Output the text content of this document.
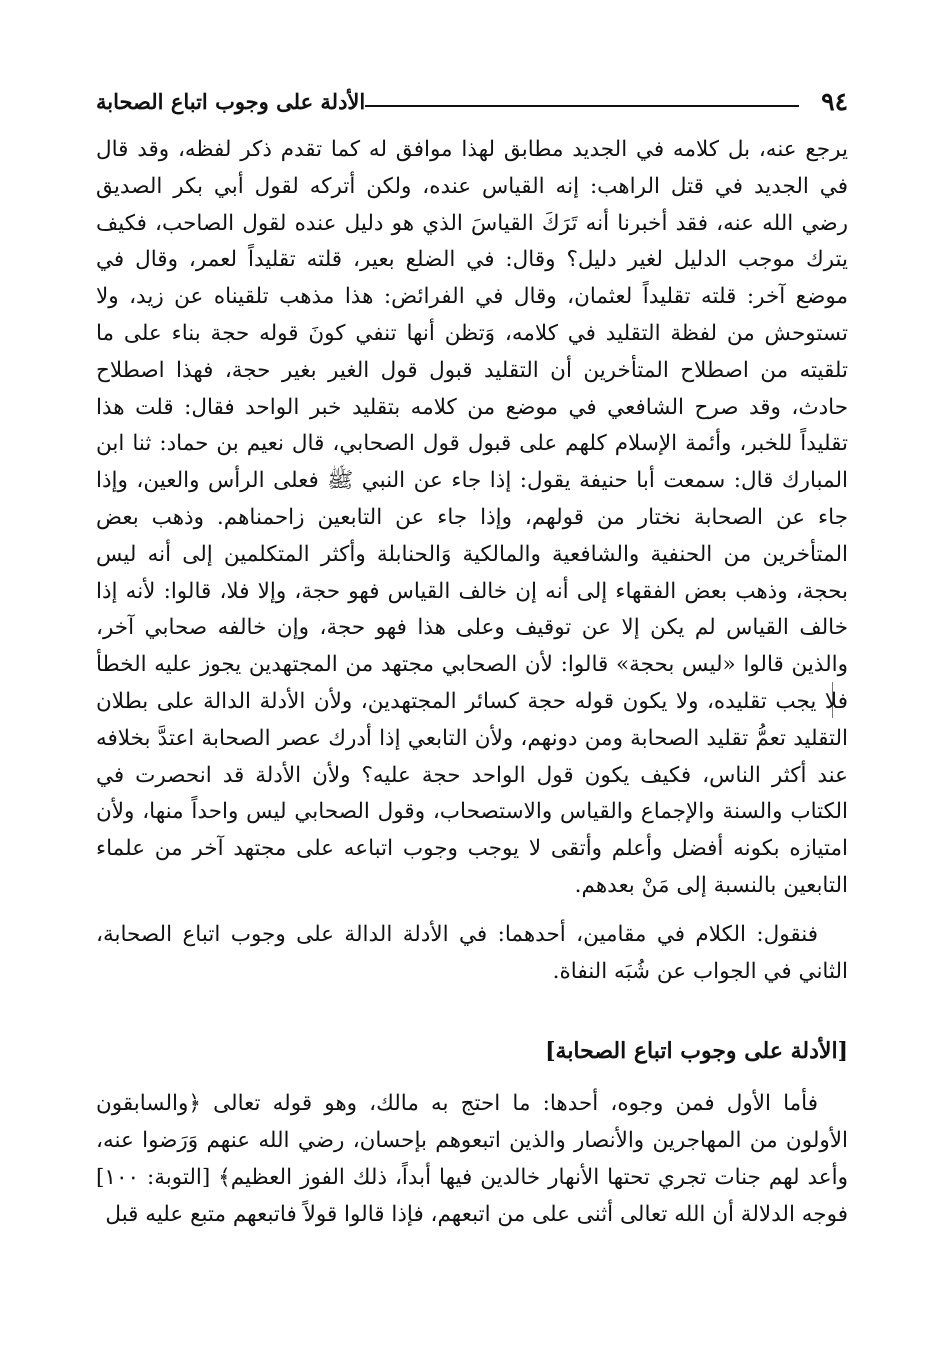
٩٤
الأدلة على وجوب اتباع الصحابة

يرجع عنه، بل كلامه في الجديد مطابق لهذا موافق له كما تقدم ذكر لفظه، وقد قال في الجديد في قتل الراهب: إنه القياس عنده، ولكن أتركه لقول أبي بكر الصديق رضي الله عنه، فقد أخبرنا أنه تَرَكَ القياسَ الذي هو دليل عنده لقول الصاحب، فكيف يترك موجب الدليل لغير دليل؟ وقال: في الضلع بعير، قلته تقليداً لعمر، وقال في موضع آخر: قلته تقليداً لعثمان، وقال في الفرائض: هذا مذهب تلقيناه عن زيد، ولا تستوحش من لفظة التقليد في كلامه، وَتظن أنها تنفي كونَ قوله حجة بناء على ما تلقيته من اصطلاح المتأخرين أن التقليد قبول قول الغير بغير حجة، فهذا اصطلاح حادث، وقد صرح الشافعي في موضع من كلامه بتقليد خبر الواحد فقال: قلت هذا تقليداً للخبر، وأئمة الإسلام كلهم على قبول قول الصحابي، قال نعيم بن حماد: ثنا ابن المبارك قال: سمعت أبا حنيفة يقول: إذا جاء عن النبي ﷺ فعلى الرأس والعين، وإذا جاء عن الصحابة نختار من قولهم، وإذا جاء عن التابعين زاحمناهم. وذهب بعض المتأخرين من الحنفية والشافعية والمالكية وَالحنابلة وأكثر المتكلمين إلى أنه ليس بحجة، وذهب بعض الفقهاء إلى أنه إن خالف القياس فهو حجة، وإلا فلا، قالوا: لأنه إذا خالف القياس لم يكن إلا عن توقيف وعلى هذا فهو حجة، وإن خالفه صحابي آخر، والذين قالوا «ليس بحجة» قالوا: لأن الصحابي مجتهد من المجتهدين يجوز عليه الخطأ فلا يجب تقليده، ولا يكون قوله حجة كسائر المجتهدين، ولأن الأدلة الدالة على بطلان التقليد تعمُّ تقليد الصحابة ومن دونهم، ولأن التابعي إذا أدرك عصر الصحابة اعتدَّ بخلافه عند أكثر الناس، فكيف يكون قول الواحد حجة عليه؟ ولأن الأدلة قد انحصرت في الكتاب والسنة والإجماع والقياس والاستصحاب، وقول الصحابي ليس واحداً منها، ولأن امتيازه بكونه أفضل وأعلم وأتقى لا يوجب وجوب اتباعه على مجتهد آخر من علماء التابعين بالنسبة إلى مَنْ بعدهم.

فنقول: الكلام في مقامين، أحدهما: في الأدلة الدالة على وجوب اتباع الصحابة، الثاني في الجواب عن شُبَه النفاة.

[الأدلة على وجوب اتباع الصحابة]

فأما الأول فمن وجوه، أحدها: ما احتج به مالك، وهو قوله تعالى ﴿والسابقون الأولون من المهاجرين والأنصار والذين اتبعوهم بإحسان، رضي الله عنهم وَرَضوا عنه، وأعد لهم جنات تجري تحتها الأنهار خالدين فيها أبداً، ذلك الفوز العظيم﴾ [التوبة: ١٠٠] فوجه الدلالة أن الله تعالى أثنى على من اتبعهم، فإذا قالوا قولاً فاتبعهم متبع عليه قبل
